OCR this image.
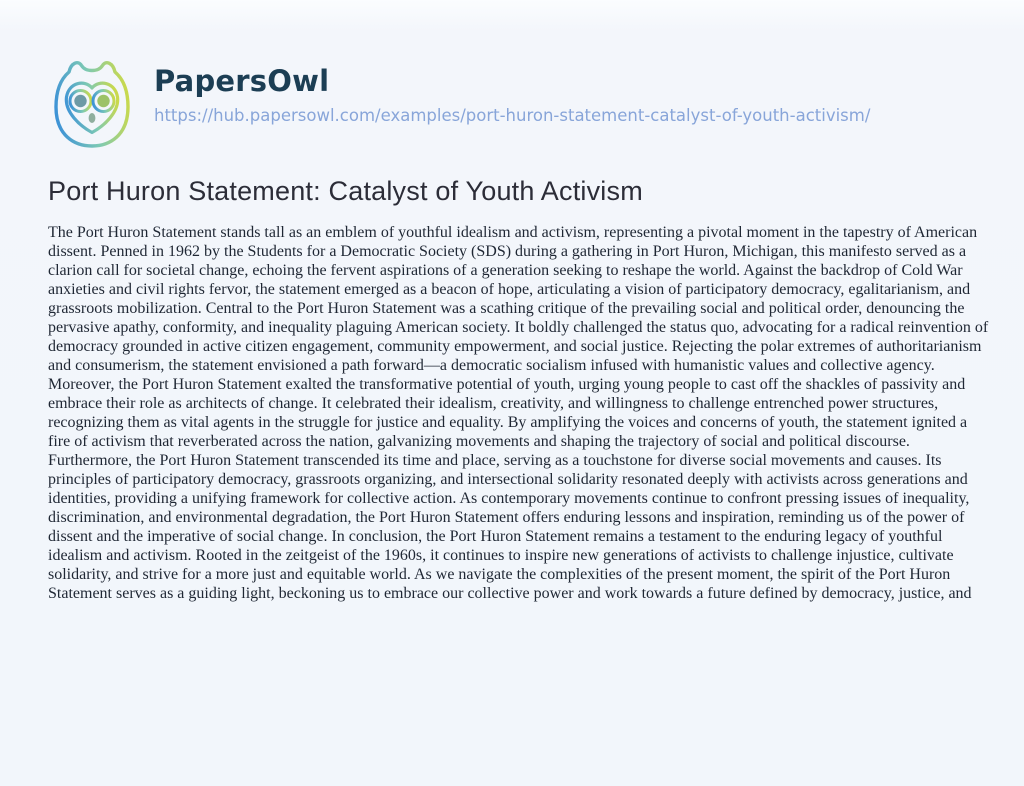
PapersOwl
https://hub.papersowl.com/examples/port-huron-statement-catalyst-of-youth-activism/
Port Huron Statement: Catalyst of Youth Activism

The Port Huron Statement stands tall as an emblem of youthful idealism and activism, representing a pivotal moment in the tapestry of American dissent. Penned in 1962 by the Students for a Democratic Society (SDS) during a gathering in Port Huron, Michigan, this manifesto served as a clarion call for societal change, echoing the fervent aspirations of a generation seeking to reshape the world. Against the backdrop of Cold War anxieties and civil rights fervor, the statement emerged as a beacon of hope, articulating a vision of participatory democracy, egalitarianism, and grassroots mobilization. Central to the Port Huron Statement was a scathing critique of the prevailing social and political order, denouncing the pervasive apathy, conformity, and inequality plaguing American society. It boldly challenged the status quo, advocating for a radical reinvention of democracy grounded in active citizen engagement, community empowerment, and social justice. Rejecting the polar extremes of authoritarianism and consumerism, the statement envisioned a path forward—a democratic socialism infused with humanistic values and collective agency. Moreover, the Port Huron Statement exalted the transformative potential of youth, urging young people to cast off the shackles of passivity and embrace their role as architects of change. It celebrated their idealism, creativity, and willingness to challenge entrenched power structures, recognizing them as vital agents in the struggle for justice and equality. By amplifying the voices and concerns of youth, the statement ignited a fire of activism that reverberated across the nation, galvanizing movements and shaping the trajectory of social and political discourse. Furthermore, the Port Huron Statement transcended its time and place, serving as a touchstone for diverse social movements and causes. Its principles of participatory democracy, grassroots organizing, and intersectional solidarity resonated deeply with activists across generations and identities, providing a unifying framework for collective action. As contemporary movements continue to confront pressing issues of inequality, discrimination, and environmental degradation, the Port Huron Statement offers enduring lessons and inspiration, reminding us of the power of dissent and the imperative of social change. In conclusion, the Port Huron Statement remains a testament to the enduring legacy of youthful idealism and activism. Rooted in the zeitgeist of the 1960s, it continues to inspire new generations of activists to challenge injustice, cultivate solidarity, and strive for a more just and equitable world. As we navigate the complexities of the present moment, the spirit of the Port Huron Statement serves as a guiding light, beckoning us to embrace our collective power and work towards a future defined by democracy, justice, and
